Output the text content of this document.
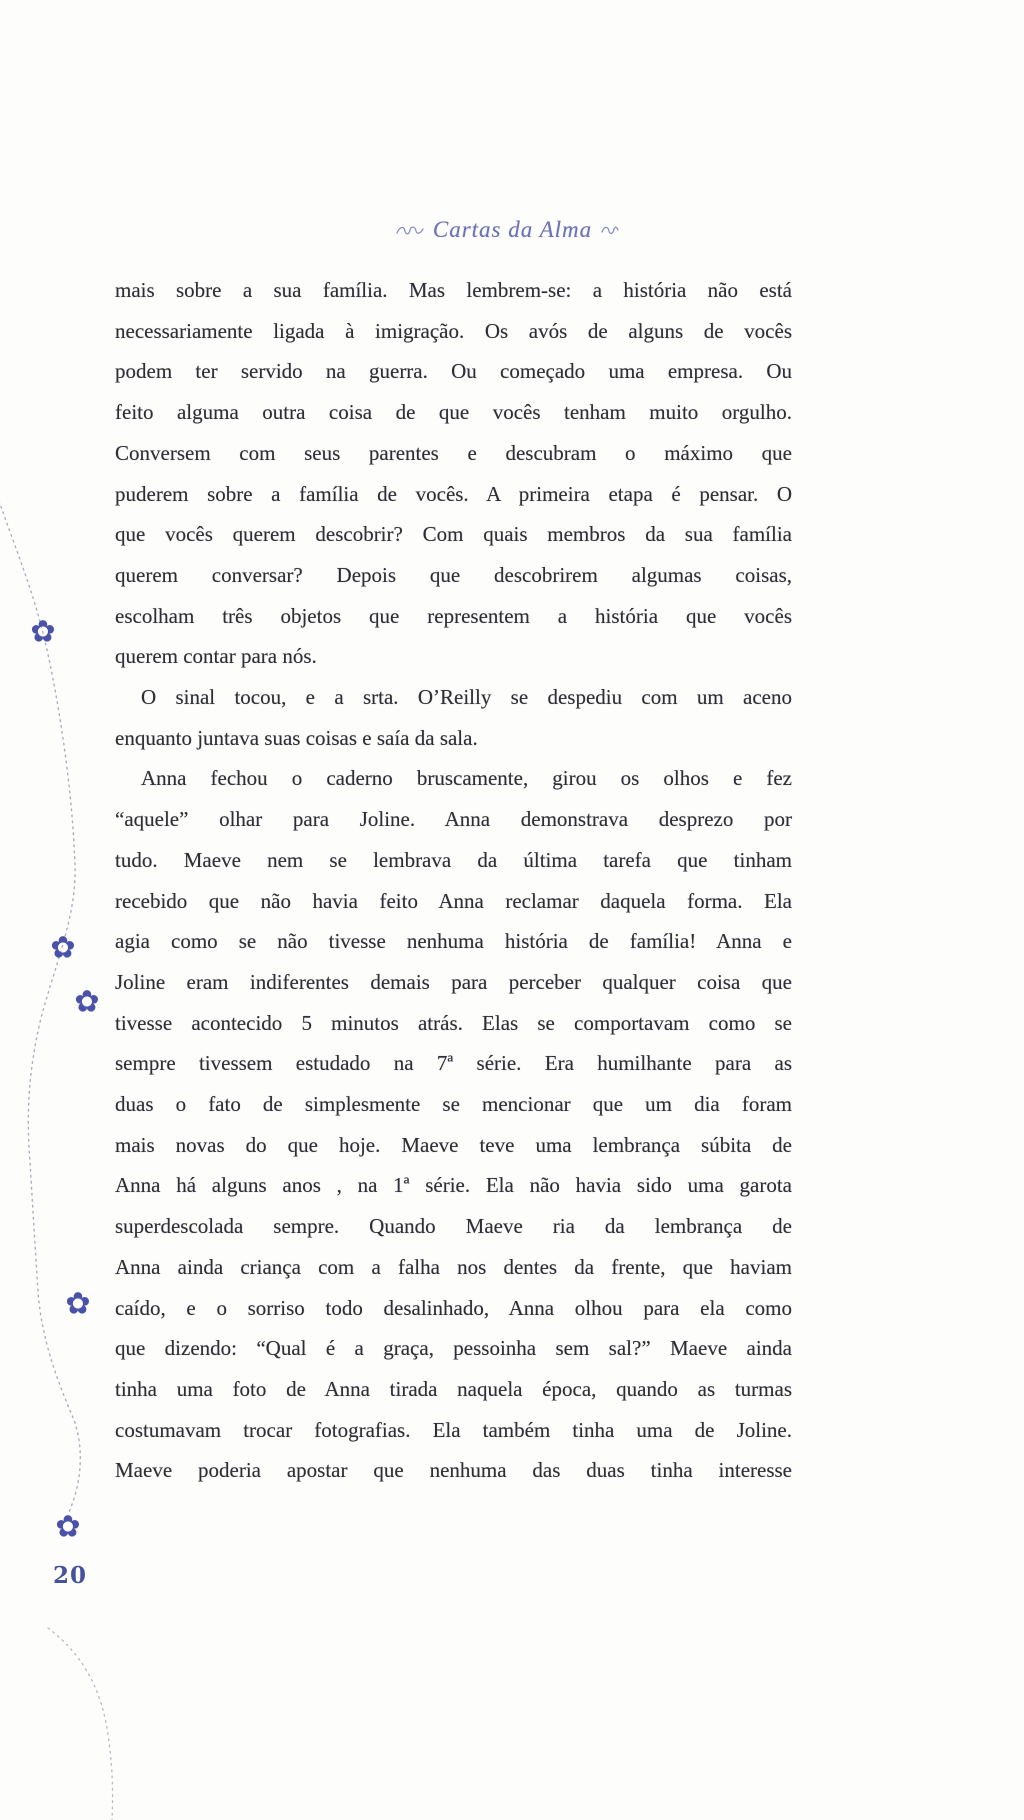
✿
✿
✿
✿
✿
Cartas da Alma
mais sobre a sua família. Mas lembrem-se: a história não está
necessariamente ligada à imigração. Os avós de alguns de vocês
podem ter servido na guerra. Ou começado uma empresa. Ou
feito alguma outra coisa de que vocês tenham muito orgulho.
Conversem com seus parentes e descubram o máximo que
puderem sobre a família de vocês. A primeira etapa é pensar. O
que vocês querem descobrir? Com quais membros da sua família
querem conversar? Depois que descobrirem algumas coisas,
escolham três objetos que representem a história que vocês
querem contar para nós.
O sinal tocou, e a srta. O’Reilly se despediu com um aceno
enquanto juntava suas coisas e saía da sala.
Anna fechou o caderno bruscamente, girou os olhos e fez
“aquele” olhar para Joline. Anna demonstrava desprezo por
tudo. Maeve nem se lembrava da última tarefa que tinham
recebido que não havia feito Anna reclamar daquela forma. Ela
agia como se não tivesse nenhuma história de família! Anna e
Joline eram indiferentes demais para perceber qualquer coisa que
tivesse acontecido 5 minutos atrás. Elas se comportavam como se
sempre tivessem estudado na 7ª série. Era humilhante para as
duas o fato de simplesmente se mencionar que um dia foram
mais novas do que hoje. Maeve teve uma lembrança súbita de
Anna há alguns anos , na 1ª série. Ela não havia sido uma garota
superdescolada sempre. Quando Maeve ria da lembrança de
Anna ainda criança com a falha nos dentes da frente, que haviam
caído, e o sorriso todo desalinhado, Anna olhou para ela como
que dizendo: “Qual é a graça, pessoinha sem sal?” Maeve ainda
tinha uma foto de Anna tirada naquela época, quando as turmas
costumavam trocar fotografias. Ela também tinha uma de Joline.
Maeve poderia apostar que nenhuma das duas tinha interesse
20
